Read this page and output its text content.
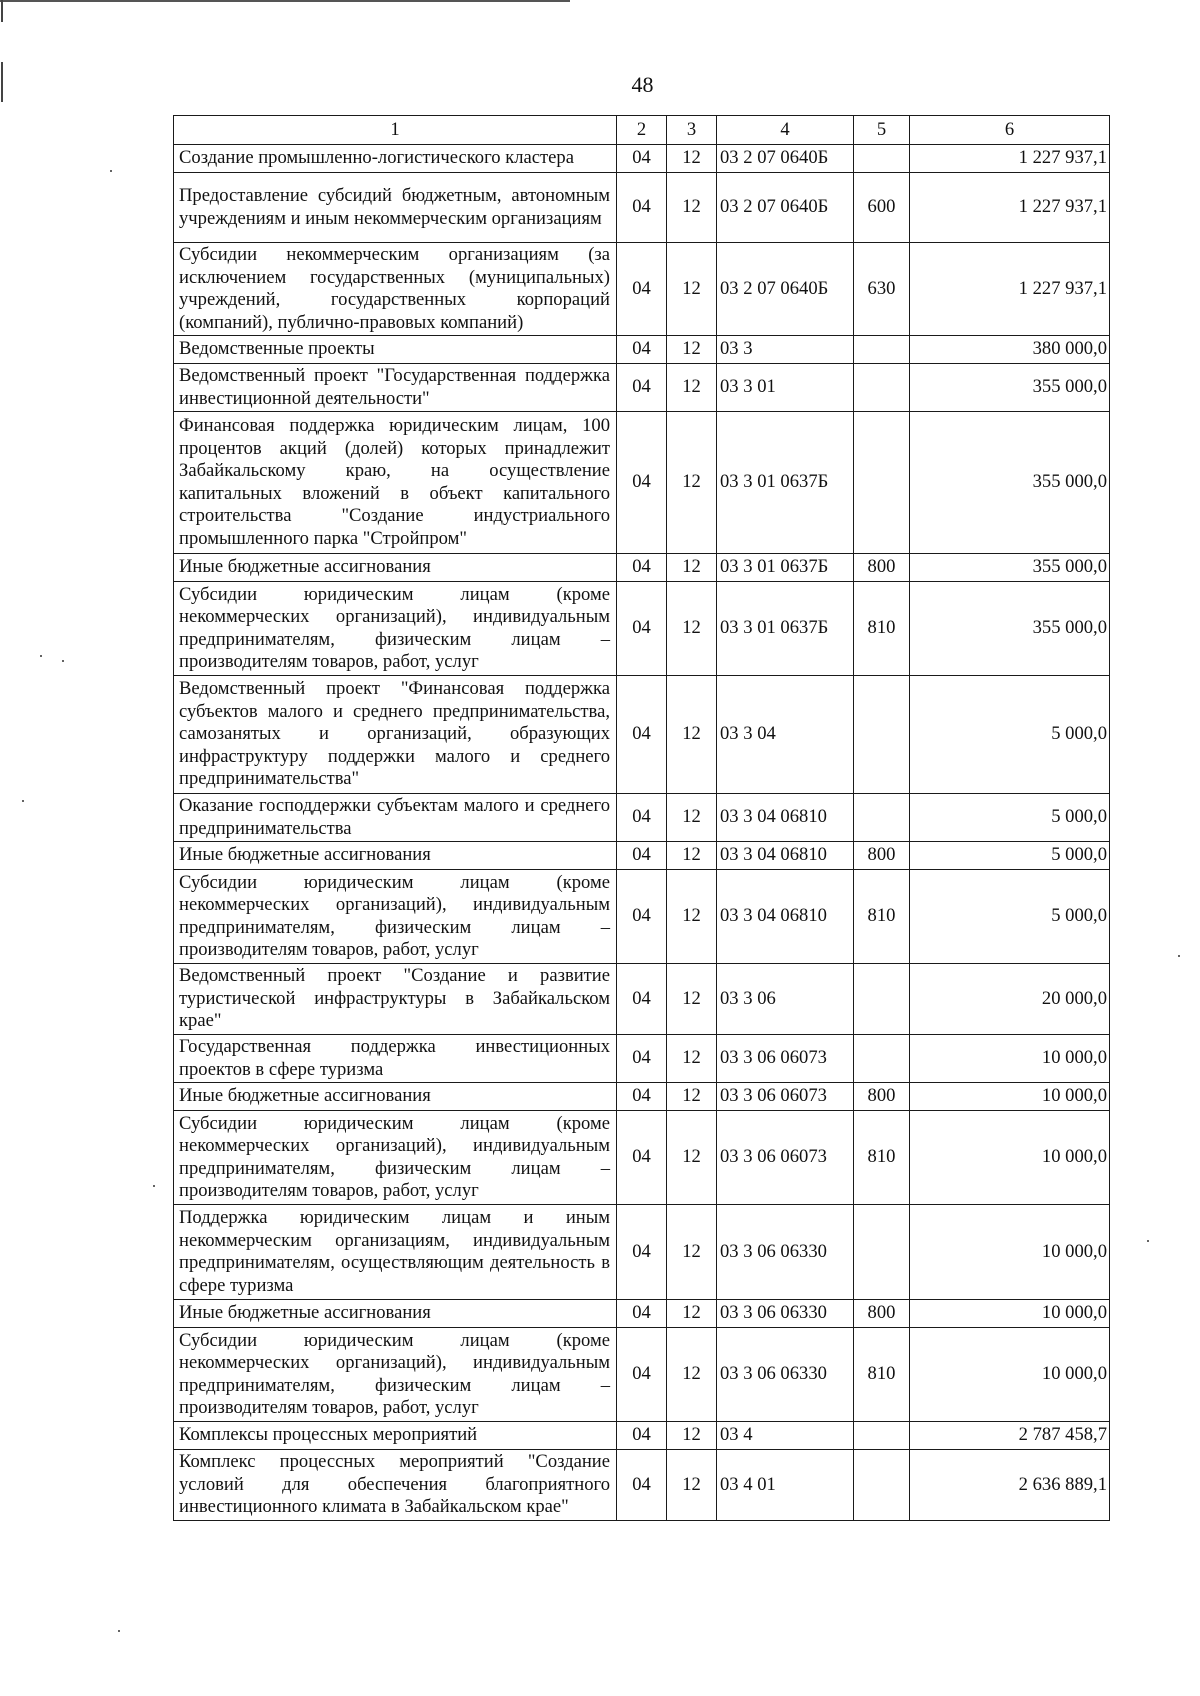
48
1	2	3	4	5	6
Создание промышленно-логистического кластера	04	12	03 2 07 0640Б		1 227 937,1
Предоставление субсидий бюджетным, автономным учреждениям и иным некоммерческим организациям	04	12	03 2 07 0640Б	600	1 227 937,1
Субсидии некоммерческим организациям (за исключением государственных (муниципальных) учреждений, государственных корпораций (компаний), публично-правовых компаний)	04	12	03 2 07 0640Б	630	1 227 937,1
Ведомственные проекты	04	12	03 3		380 000,0
Ведомственный проект "Государственная поддержка инвестиционной деятельности"	04	12	03 3 01		355 000,0
Финансовая поддержка юридическим лицам, 100 процентов акций (долей) которых принадлежит Забайкальскому краю, на осуществление капитальных вложений в объект капитального строительства "Создание индустриального промышленного парка "Стройпром"	04	12	03 3 01 0637Б		355 000,0
Иные бюджетные ассигнования	04	12	03 3 01 0637Б	800	355 000,0
Субсидии юридическим лицам (кроме некоммерческих организаций), индивидуальным предпринимателям, физическим лицам – производителям товаров, работ, услуг	04	12	03 3 01 0637Б	810	355 000,0
Ведомственный проект "Финансовая поддержка субъектов малого и среднего предпринимательства, самозанятых и организаций, образующих инфраструктуру поддержки малого и среднего предпринимательства"	04	12	03 3 04		5 000,0
Оказание господдержки субъектам малого и среднего предпринимательства	04	12	03 3 04 06810		5 000,0
Иные бюджетные ассигнования	04	12	03 3 04 06810	800	5 000,0
Субсидии юридическим лицам (кроме некоммерческих организаций), индивидуальным предпринимателям, физическим лицам – производителям товаров, работ, услуг	04	12	03 3 04 06810	810	5 000,0
Ведомственный проект "Создание и развитие туристической инфраструктуры в Забайкальском крае"	04	12	03 3 06		20 000,0
Государственная поддержка инвестиционных проектов в сфере туризма	04	12	03 3 06 06073		10 000,0
Иные бюджетные ассигнования	04	12	03 3 06 06073	800	10 000,0
Субсидии юридическим лицам (кроме некоммерческих организаций), индивидуальным предпринимателям, физическим лицам – производителям товаров, работ, услуг	04	12	03 3 06 06073	810	10 000,0
Поддержка юридическим лицам и иным некоммерческим организациям, индивидуальным предпринимателям, осуществляющим деятельность в сфере туризма	04	12	03 3 06 06330		10 000,0
Иные бюджетные ассигнования	04	12	03 3 06 06330	800	10 000,0
Субсидии юридическим лицам (кроме некоммерческих организаций), индивидуальным предпринимателям, физическим лицам – производителям товаров, работ, услуг	04	12	03 3 06 06330	810	10 000,0
Комплексы процессных мероприятий	04	12	03 4		2 787 458,7
Комплекс процессных мероприятий "Создание условий для обеспечения благоприятного инвестиционного климата в Забайкальском крае"	04	12	03 4 01		2 636 889,1
